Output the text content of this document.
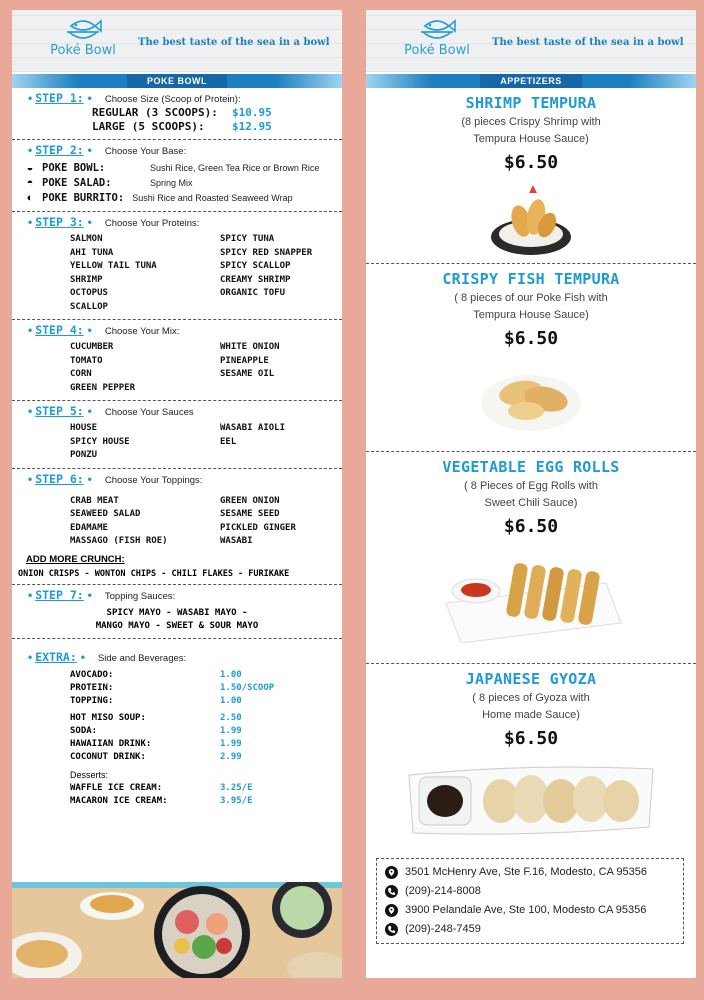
Poké Bowl
The best taste of the sea in a bowl
POKE BOWL
• STEP 1: • Choose Size (Scoop of Protein):
REGULAR (3 SCOOPS):	$10.95
LARGE (5 SCOOPS):	$12.95
• STEP 2: • Choose Your Base:
◒ POKE BOWL:	Sushi Rice, Green Tea Rice or Brown Rice
◓ POKE SALAD:	Spring Mix
◐ POKE BURRITO: Sushi Rice and Roasted Seaweed Wrap
• STEP 3: • Choose Your Proteins:
SALMON	SPICY TUNA
AHI TUNA	SPICY RED SNAPPER
YELLOW TAIL TUNA	SPICY SCALLOP
SHRIMP	CREAMY SHRIMP
OCTOPUS	ORGANIC TOFU
SCALLOP
• STEP 4: • Choose Your Mix:
CUCUMBER	WHITE ONION
TOMATO	PINEAPPLE
CORN	SESAME OIL
GREEN PEPPER
• STEP 5: • Choose Your Sauces
HOUSE	WASABI AIOLI
SPICY HOUSE	EEL
PONZU
• STEP 6: • Choose Your Toppings:
CRAB MEAT	GREEN ONION
SEAWEED SALAD	SESAME SEED
EDAMAME	PICKLED GINGER
MASSAGO (FISH ROE)	WASABI
ADD MORE CRUNCH:
ONION CRISPS - WONTON CHIPS - CHILI FLAKES - FURIKAKE
• STEP 7: • Topping Sauces:
SPICY MAYO - WASABI MAYO -
MANGO MAYO - SWEET & SOUR MAYO
• EXTRA: • Side and Beverages:
AVOCADO:	1.00
PROTEIN:	1.50/SCOOP
TOPPING:	1.00
HOT MISO SOUP:	2.50
SODA:	1.99
HAWAIIAN DRINK:	1.99
COCONUT DRINK:	2.99
Desserts:
WAFFLE ICE CREAM:	3.25/E
MACARON ICE CREAM:	3.95/E
Poké Bowl
The best taste of the sea in a bowl
APPETIZERS
SHRIMP TEMPURA
(8 pieces Crispy Shrimp with
Tempura House Sauce)
$6.50
CRISPY FISH TEMPURA
( 8 pieces of our Poke Fish with
Tempura House Sauce)
$6.50
VEGETABLE EGG ROLLS
( 8 Pieces of Egg Rolls with
Sweet Chili Sauce)
$6.50
JAPANESE GYOZA
( 8 pieces of Gyoza with
Home made Sauce)
$6.50
3501 McHenry Ave, Ste F.16, Modesto, CA 95356
(209)-214-8008
3900 Pelandale Ave, Ste 100, Modesto CA 95356
(209)-248-7459
